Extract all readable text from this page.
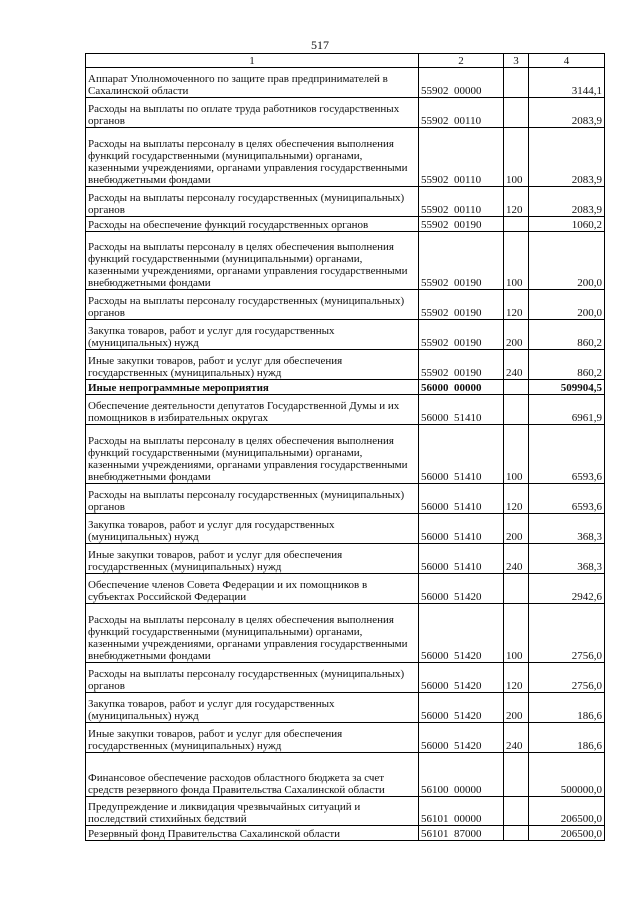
517
1	2	3	4
Аппарат Уполномоченного по защите прав предпринимателей в Сахалинской области	55902  00000		3144,1
Расходы на выплаты по оплате труда работников государственных органов	55902  00110		2083,9
Расходы на выплаты персоналу в целях обеспечения выполнения функций государственными (муниципальными) органами, казенными учреждениями, органами управления государственными внебюджетными фондами	55902  00110	100	2083,9
Расходы на выплаты персоналу государственных (муниципальных) органов	55902  00110	120	2083,9
Расходы на обеспечение функций государственных органов	55902  00190		1060,2
Расходы на выплаты персоналу в целях обеспечения выполнения функций государственными (муниципальными) органами, казенными учреждениями, органами управления государственными внебюджетными фондами	55902  00190	100	200,0
Расходы на выплаты персоналу государственных (муниципальных) органов	55902  00190	120	200,0
Закупка товаров, работ и услуг для государственных (муниципальных) нужд	55902  00190	200	860,2
Иные закупки товаров, работ и услуг для обеспечения государственных (муниципальных) нужд	55902  00190	240	860,2
Иные непрограммные мероприятия	56000  00000		509904,5
Обеспечение деятельности депутатов Государственной Думы и их помощников в избирательных округах	56000  51410		6961,9
Расходы на выплаты персоналу в целях обеспечения выполнения функций государственными (муниципальными) органами, казенными учреждениями, органами управления государственными внебюджетными фондами	56000  51410	100	6593,6
Расходы на выплаты персоналу государственных (муниципальных) органов	56000  51410	120	6593,6
Закупка товаров, работ и услуг для государственных (муниципальных) нужд	56000  51410	200	368,3
Иные закупки товаров, работ и услуг для обеспечения государственных (муниципальных) нужд	56000  51410	240	368,3
Обеспечение членов Совета Федерации и их помощников в субъектах Российской Федерации	56000  51420		2942,6
Расходы на выплаты персоналу в целях обеспечения выполнения функций государственными (муниципальными) органами, казенными учреждениями, органами управления государственными внебюджетными фондами	56000  51420	100	2756,0
Расходы на выплаты персоналу государственных (муниципальных) органов	56000  51420	120	2756,0
Закупка товаров, работ и услуг для государственных (муниципальных) нужд	56000  51420	200	186,6
Иные закупки товаров, работ и услуг для обеспечения государственных (муниципальных) нужд	56000  51420	240	186,6
Финансовое обеспечение расходов областного бюджета за счет средств резервного фонда Правительства Сахалинской области	56100  00000		500000,0
Предупреждение и ликвидация чрезвычайных ситуаций и последствий стихийных бедствий	56101  00000		206500,0
Резервный фонд Правительства Сахалинской области	56101  87000		206500,0
